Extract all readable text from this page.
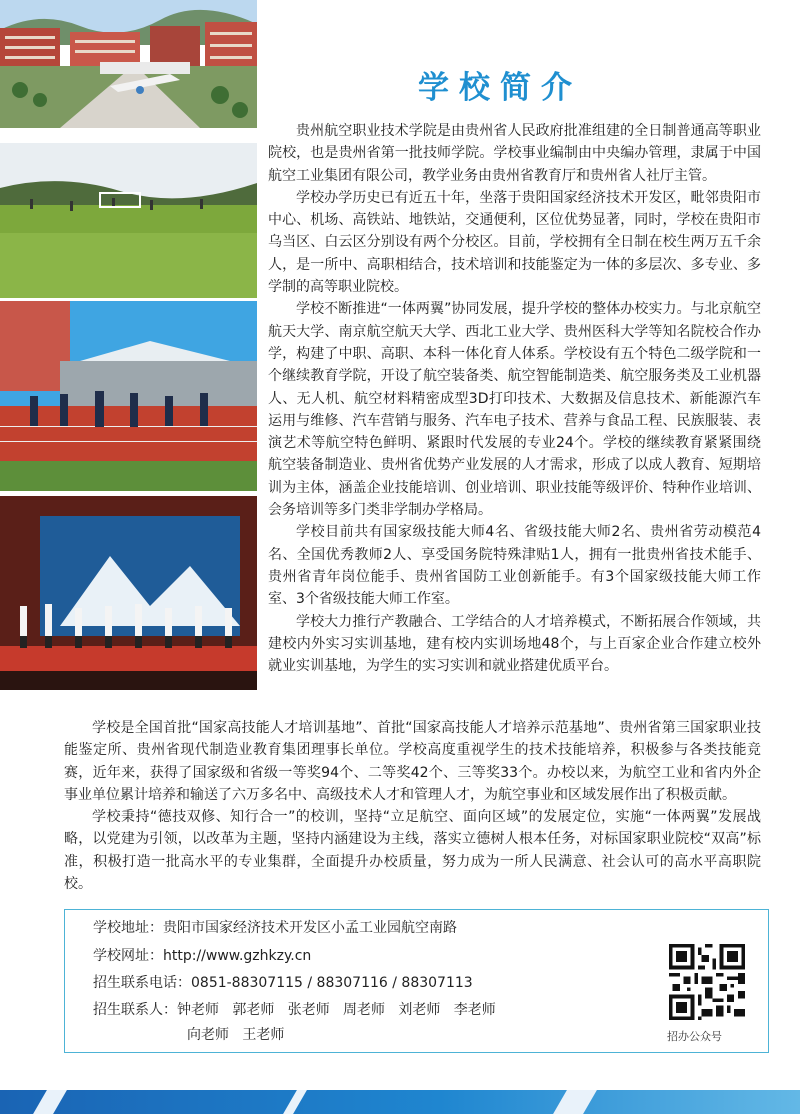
学校简介

贵州航空职业技术学院是由贵州省人民政府批准组建的全日制普通高等职业院校，也是贵州省第一批技师学院。学校事业编制由中央编办管理，隶属于中国航空工业集团有限公司，教学业务由贵州省教育厅和贵州省人社厅主管。

学校办学历史已有近五十年，坐落于贵阳国家经济技术开发区，毗邻贵阳市中心、机场、高铁站、地铁站，交通便利，区位优势显著，同时，学校在贵阳市乌当区、白云区分别设有两个分校区。目前，学校拥有全日制在校生两万五千余人，是一所中、高职相结合，技术培训和技能鉴定为一体的多层次、多专业、多学制的高等职业院校。

学校不断推进“一体两翼”协同发展，提升学校的整体办校实力。与北京航空航天大学、南京航空航天大学、西北工业大学、贵州医科大学等知名院校合作办学，构建了中职、高职、本科一体化育人体系。学校设有五个特色二级学院和一个继续教育学院，开设了航空装备类、航空智能制造类、航空服务类及工业机器人、无人机、航空材料精密成型3D打印技术、大数据及信息技术、新能源汽车运用与维修、汽车营销与服务、汽车电子技术、营养与食品工程、民族服装、表演艺术等航空特色鲜明、紧跟时代发展的专业24个。学校的继续教育紧紧围绕航空装备制造业、贵州省优势产业发展的人才需求，形成了以成人教育、短期培训为主体，涵盖企业技能培训、创业培训、职业技能等级评价、特种作业培训、会务培训等多门类非学制办学格局。

学校目前共有国家级技能大师4名、省级技能大师2名、贵州省劳动模范4名、全国优秀教师2人、享受国务院特殊津贴1人，拥有一批贵州省技术能手、贵州省青年岗位能手、贵州省国防工业创新能手。有3个国家级技能大师工作室、3个省级技能大师工作室。

学校大力推行产教融合、工学结合的人才培养模式，不断拓展合作领域，共建校内外实习实训基地，建有校内实训场地48个，与上百家企业合作建立校外就业实训基地，为学生的实习实训和就业搭建优质平台。

学校是全国首批“国家高技能人才培训基地”、首批“国家高技能人才培养示范基地”、贵州省第三国家职业技能鉴定所、贵州省现代制造业教育集团理事长单位。学校高度重视学生的技术技能培养，积极参与各类技能竞赛，近年来，获得了国家级和省级一等奖94个、二等奖42个、三等奖33个。办校以来，为航空工业和省内外企事业单位累计培养和输送了六万多名中、高级技术人才和管理人才，为航空事业和区域发展作出了积极贡献。

学校秉持“德技双修、知行合一”的校训，坚持“立足航空、面向区域”的发展定位，实施“一体两翼”发展战略，以党建为引领，以改革为主题，坚持内涵建设为主线，落实立德树人根本任务，对标国家职业院校“双高”标准，积极打造一批高水平的专业集群，全面提升办校质量，努力成为一所人民满意、社会认可的高水平高职院校。

学校地址：贵阳市国家经济技术开发区小孟工业园航空南路
学校网址：http://www.gzhkzy.cn
招生联系电话：0851-88307115 / 88307116 / 88307113
招生联系人：钟老师   郭老师   张老师   周老师   刘老师   李老师
向老师   王老师	招办公众号
